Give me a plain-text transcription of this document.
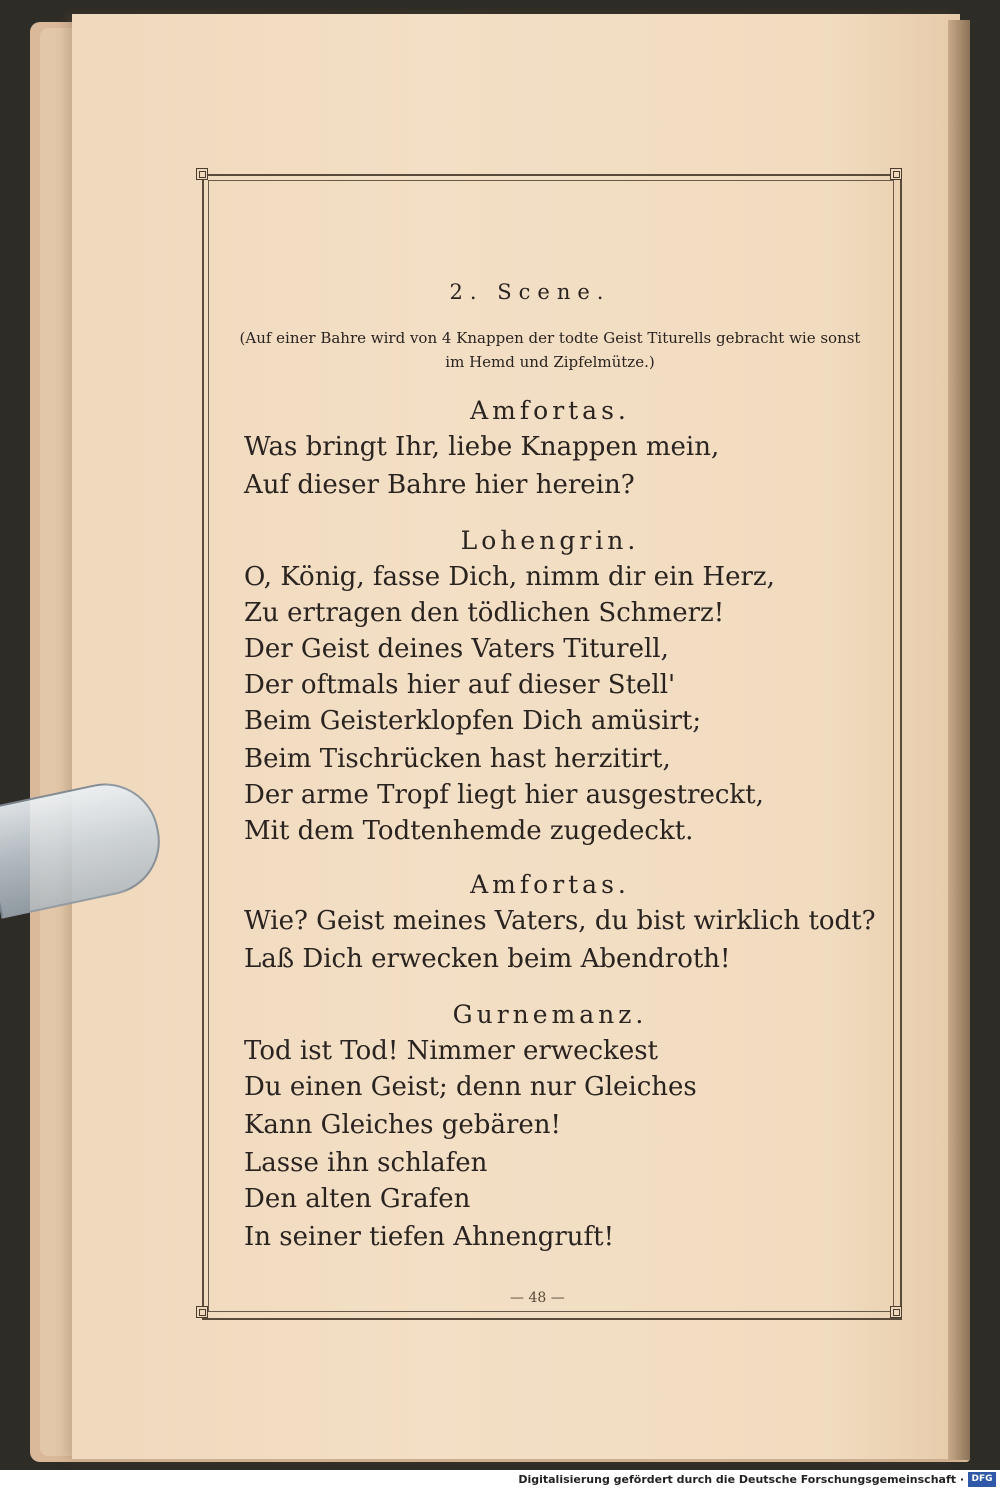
2. Scene.
(Auf einer Bahre wird von 4 Knappen der todte Geist Titurells gebracht wie sonst im Hemd und Zipfelmütze.)
Amfortas.
Was bringt Ihr, liebe Knappen mein,
Auf dieser Bahre hier herein?
Lohengrin.
O, König, fasse Dich, nimm dir ein Herz,
Zu ertragen den tödlichen Schmerz!
Der Geist deines Vaters Titurell,
Der oftmals hier auf dieser Stell'
Beim Geisterklopfen Dich amüsirt;
Beim Tischrücken hast herzitirt,
Der arme Tropf liegt hier ausgestreckt,
Mit dem Todtenhemde zugedeckt.
Amfortas.
Wie? Geist meines Vaters, du bist wirklich todt?
Laß Dich erwecken beim Abendroth!
Gurnemanz.
Tod ist Tod! Nimmer erweckest
Du einen Geist; denn nur Gleiches
Kann Gleiches gebären!
Lasse ihn schlafen
Den alten Grafen
In seiner tiefen Ahnengruft!
— 48 —
Digitalisierung gefördert durch die Deutsche Forschungsgemeinschaft · DFG
